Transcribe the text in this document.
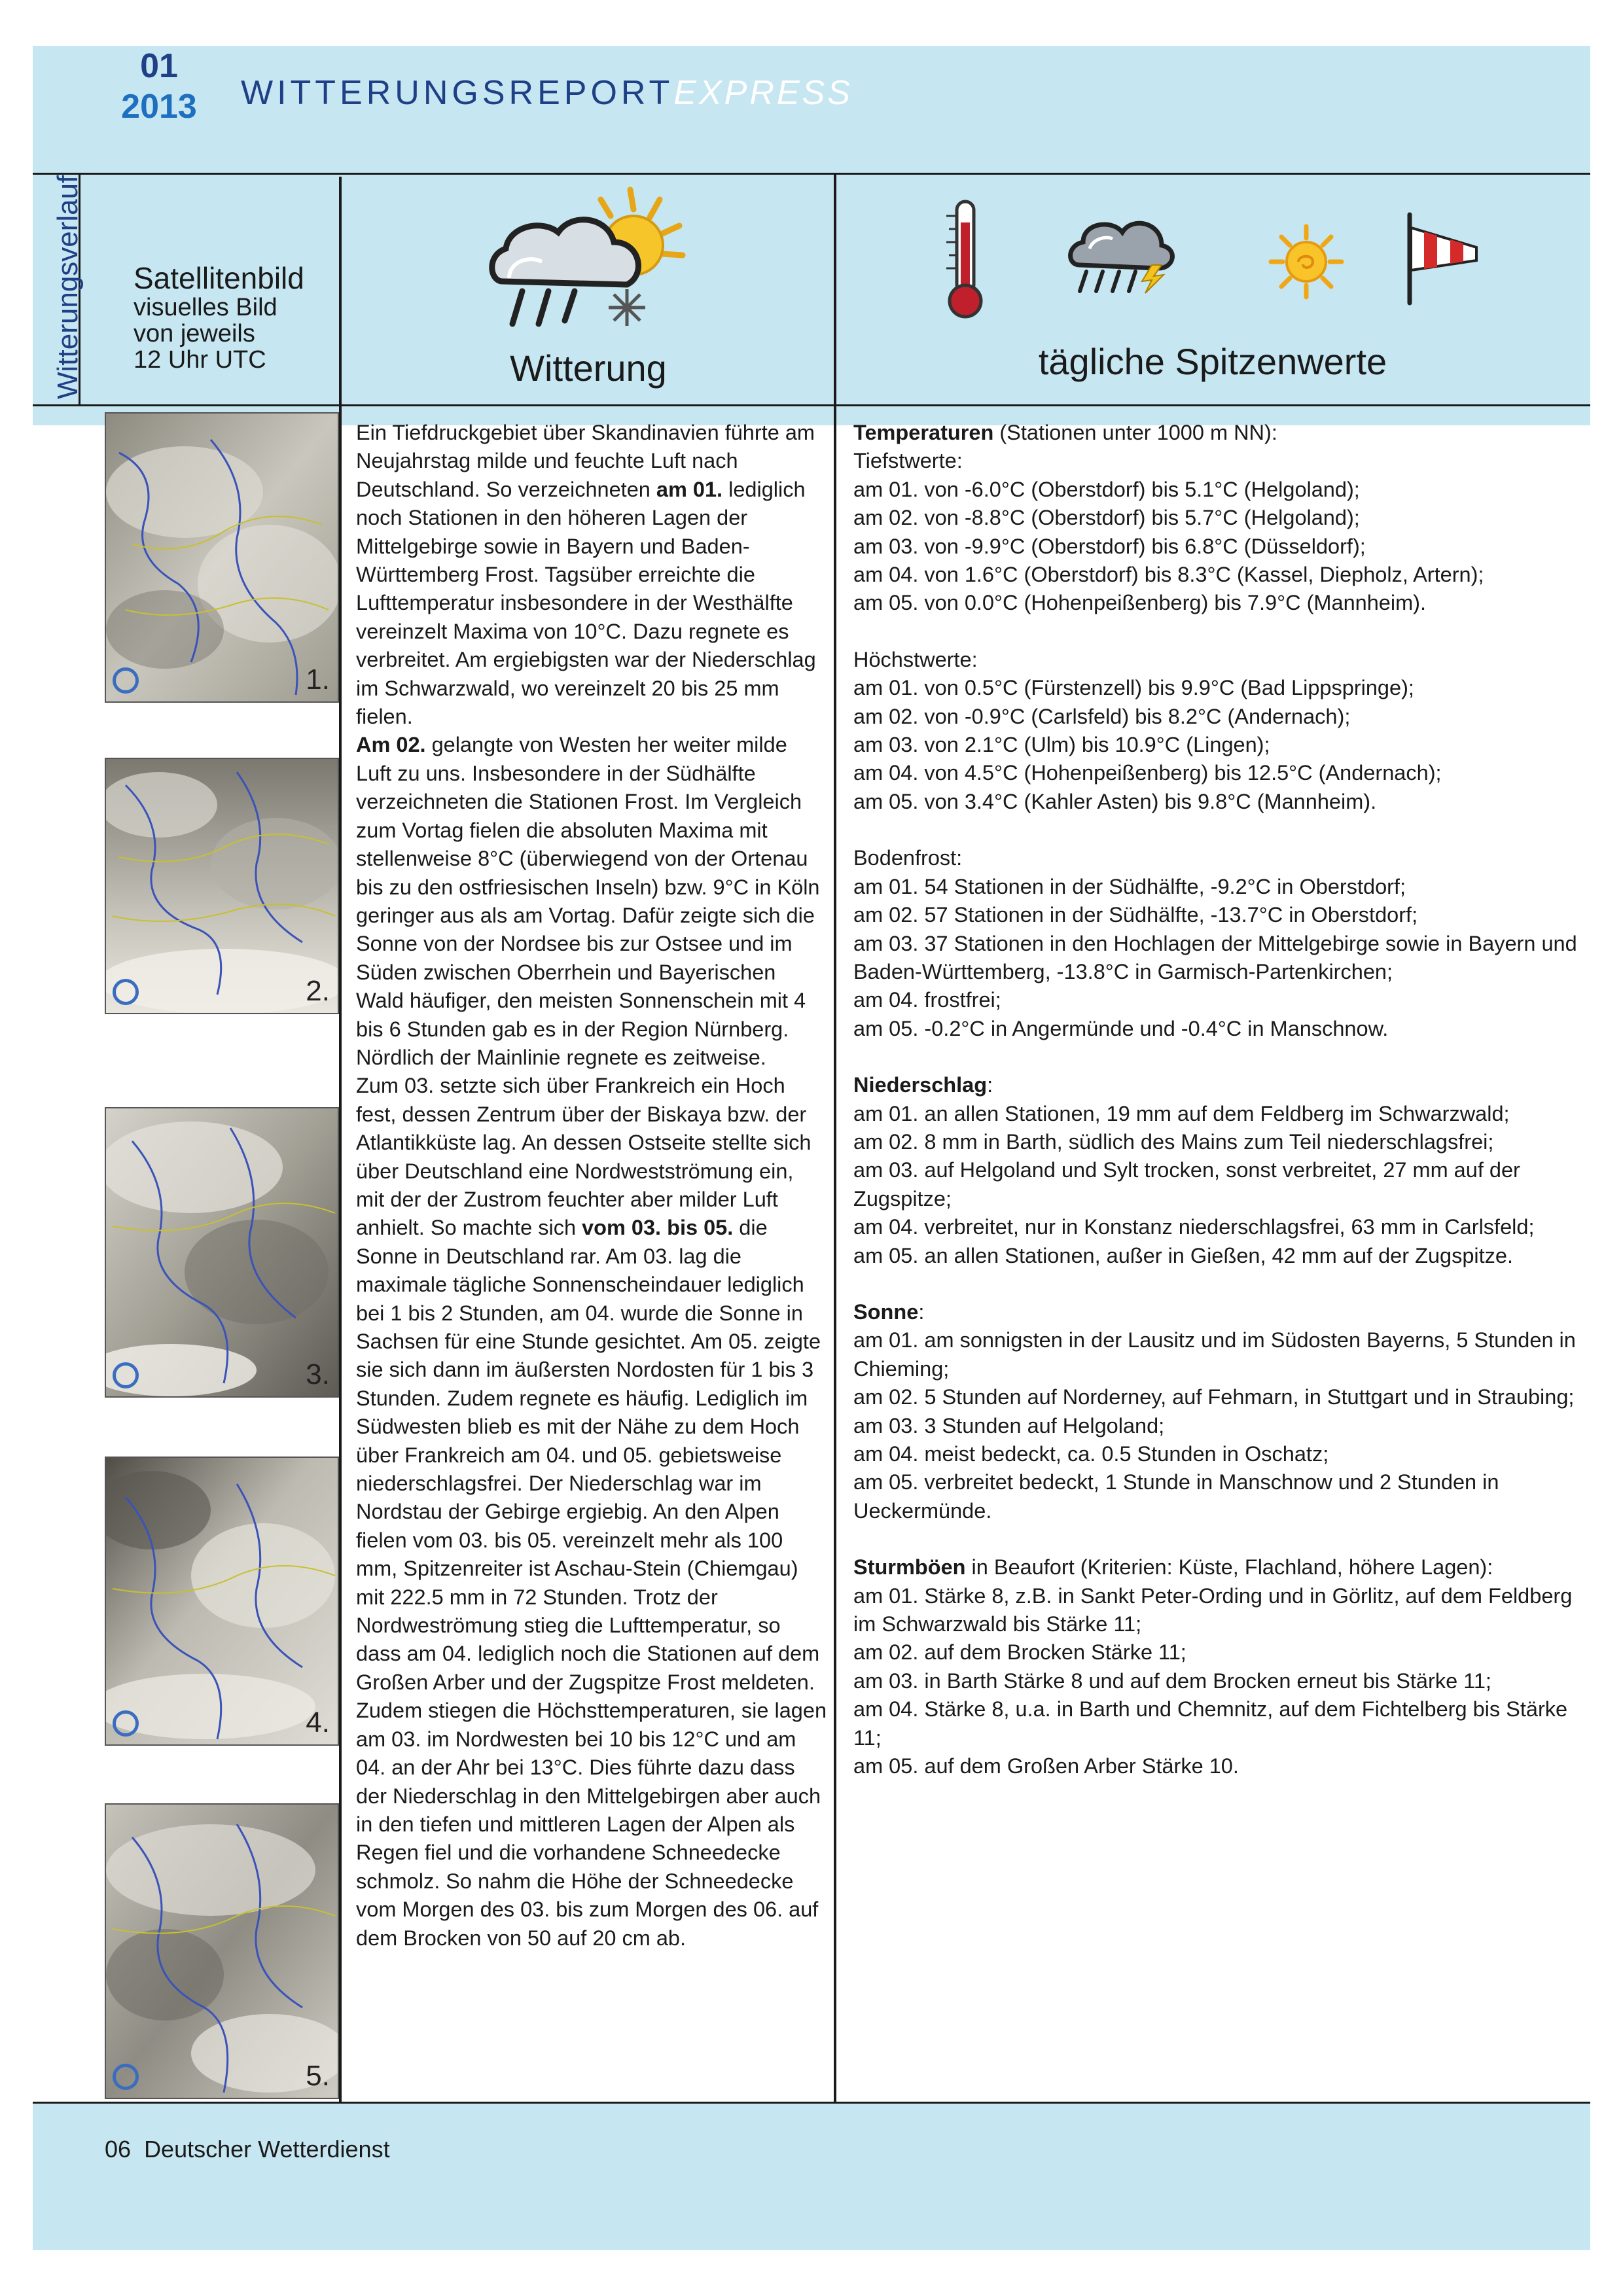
01
2013 WITTERUNGSREPORTEXPRESS
Witterungsverlauf Satellitenbild
visuelles Bild
von jeweils
12 Uhr UTC	Witterung	tägliche Spitzenwerte
1.
2.
3.
4.
5.
Ein Tiefdruckgebiet über Skandinavien führte am Neujahrstag milde und feuchte Luft nach Deutschland. So verzeichneten am 01. lediglich noch Stationen in den höheren Lagen der Mittelgebirge sowie in Bayern und Baden-Württemberg Frost. Tagsüber erreichte die Lufttemperatur insbesondere in der Westhälfte vereinzelt Maxima von 10°C. Dazu regnete es verbreitet. Am ergiebigsten war der Niederschlag im Schwarzwald, wo vereinzelt 20 bis 25 mm fielen.
Am 02. gelangte von Westen her weiter milde Luft zu uns. Insbesondere in der Südhälfte verzeichneten die Stationen Frost. Im Vergleich zum Vortag fielen die absoluten Maxima mit stellenweise 8°C (überwiegend von der Ortenau bis zu den ostfriesischen Inseln) bzw. 9°C in Köln geringer aus als am Vortag. Dafür zeigte sich die Sonne von der Nordsee bis zur Ostsee und im Süden zwischen Oberrhein und Bayerischen Wald häufiger, den meisten Sonnenschein mit 4 bis 6 Stunden gab es in der Region Nürnberg. Nördlich der Mainlinie regnete es zeitweise.
Zum 03. setzte sich über Frankreich ein Hoch fest, dessen Zentrum über der Biskaya bzw. der Atlantikküste lag. An dessen Ostseite stellte sich über Deutschland eine Nordwestströmung ein, mit der der Zustrom feuchter aber milder Luft anhielt. So machte sich vom 03. bis 05. die Sonne in Deutschland rar. Am 03. lag die maximale tägliche Sonnenscheindauer lediglich bei 1 bis 2 Stunden, am 04. wurde die Sonne in Sachsen für eine Stunde gesichtet. Am 05. zeigte sie sich dann im äußersten Nordosten für 1 bis 3 Stunden. Zudem regnete es häufig. Lediglich im Südwesten blieb es mit der Nähe zu dem Hoch über Frankreich am 04. und 05. gebietsweise niederschlagsfrei. Der Niederschlag war im Nordstau der Gebirge ergiebig. An den Alpen fielen vom 03. bis 05. vereinzelt mehr als 100 mm, Spitzenreiter ist Aschau-Stein (Chiemgau) mit 222.5 mm in 72 Stunden. Trotz der Nordweströmung stieg die Lufttemperatur, so dass am 04. lediglich noch die Stationen auf dem Großen Arber und der Zugspitze Frost meldeten. Zudem stiegen die Höchsttemperaturen, sie lagen am 03. im Nordwesten bei 10 bis 12°C und am 04. an der Ahr bei 13°C. Dies führte dazu dass der Niederschlag in den Mittelgebirgen aber auch in den tiefen und mittleren Lagen der Alpen als Regen fiel und die vorhandene Schneedecke schmolz. So nahm die Höhe der Schneedecke vom Morgen des 03. bis zum Morgen des 06. auf dem Brocken von 50 auf 20 cm ab.

Temperaturen (Stationen unter 1000 m NN):

Tiefstwerte:

am 01. von -6.0°C (Oberstdorf) bis 5.1°C (Helgoland);

am 02. von -8.8°C (Oberstdorf) bis 5.7°C (Helgoland);

am 03. von -9.9°C (Oberstdorf) bis 6.8°C (Düsseldorf);

am 04. von 1.6°C (Oberstdorf) bis 8.3°C (Kassel, Diepholz, Artern);

am 05. von 0.0°C (Hohenpeißenberg) bis 7.9°C (Mannheim).

Höchstwerte:

am 01. von 0.5°C (Fürstenzell) bis 9.9°C (Bad Lippspringe);

am 02. von -0.9°C (Carlsfeld) bis 8.2°C (Andernach);

am 03. von 2.1°C (Ulm) bis 10.9°C (Lingen);

am 04. von 4.5°C (Hohenpeißenberg) bis 12.5°C (Andernach);

am 05. von 3.4°C (Kahler Asten) bis 9.8°C (Mannheim).

Bodenfrost:

am 01. 54 Stationen in der Südhälfte, -9.2°C in Oberstdorf;

am 02. 57 Stationen in der Südhälfte, -13.7°C in Oberstdorf;

am 03. 37 Stationen in den Hochlagen der Mittelgebirge sowie in Bayern und Baden-Württemberg, -13.8°C in Garmisch-Partenkirchen;

am 04. frostfrei;

am 05. -0.2°C in Angermünde und -0.4°C in Manschnow.

Niederschlag:

am 01. an allen Stationen, 19 mm auf dem Feldberg im Schwarzwald;

am 02. 8 mm in Barth, südlich des Mains zum Teil niederschlagsfrei;

am 03. auf Helgoland und Sylt trocken, sonst verbreitet, 27 mm auf der Zugspitze;

am 04. verbreitet, nur in Konstanz niederschlagsfrei, 63 mm in Carlsfeld;

am 05. an allen Stationen, außer in Gießen, 42 mm auf der Zugspitze.

Sonne:

am 01. am sonnigsten in der Lausitz und im Südosten Bayerns, 5 Stunden in Chieming;

am 02. 5 Stunden auf Norderney, auf Fehmarn, in Stuttgart und in Straubing;

am 03. 3 Stunden auf Helgoland;

am 04. meist bedeckt, ca. 0.5 Stunden in Oschatz;

am 05. verbreitet bedeckt, 1 Stunde in Manschnow und 2 Stunden in Ueckermünde.

Sturmböen in Beaufort (Kriterien: Küste, Flachland, höhere Lagen):

am 01. Stärke 8, z.B. in Sankt Peter-Ording und in Görlitz, auf dem Feldberg im Schwarzwald bis Stärke 11;

am 02. auf dem Brocken Stärke 11;

am 03. in Barth Stärke 8 und auf dem Brocken erneut bis Stärke 11;

am 04. Stärke 8, u.a. in Barth und Chemnitz, auf dem Fichtelberg bis Stärke 11;

am 05. auf dem Großen Arber Stärke 10.

06 Deutscher Wetterdienst
